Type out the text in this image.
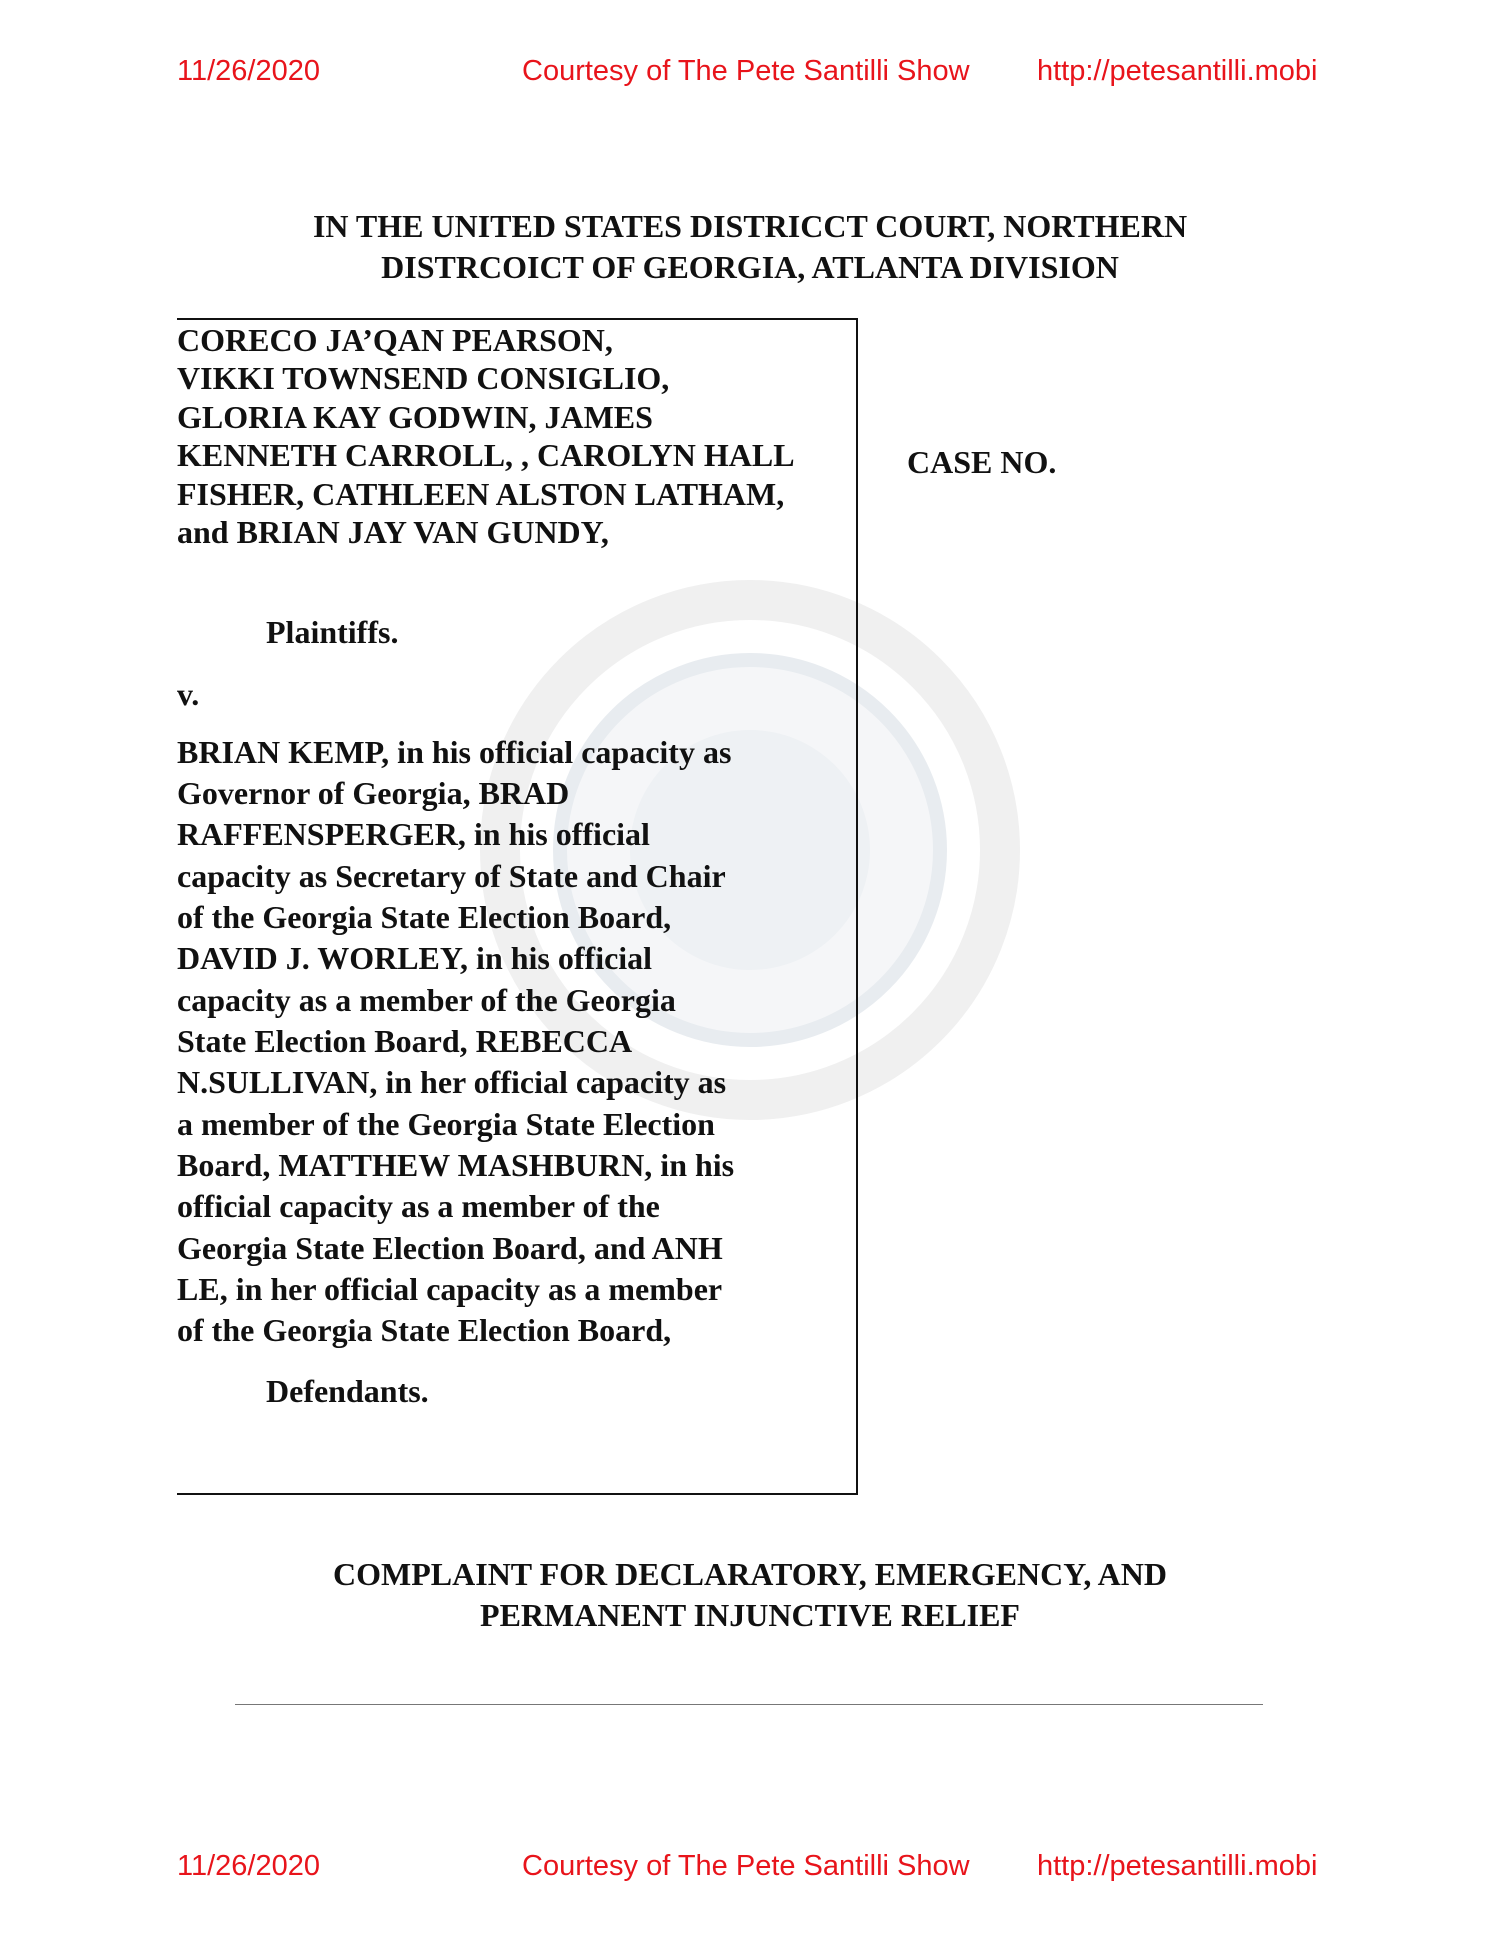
11/26/2020	Courtesy of The Pete Santilli Show http://petesantilli.mobi
IN THE UNITED STATES DISTRICCT COURT, NORTHERN
DISTRCOICT OF GEORGIA, ATLANTA DIVISION
CORECO JA’QAN PEARSON,
VIKKI TOWNSEND CONSIGLIO,
GLORIA KAY GODWIN, JAMES
KENNETH CARROLL, , CAROLYN HALL
FISHER, CATHLEEN ALSTON LATHAM,
and BRIAN JAY VAN GUNDY,
Plaintiffs.
v.
BRIAN KEMP, in his official capacity as
Governor of Georgia, BRAD
RAFFENSPERGER, in his official
capacity as Secretary of State and Chair
of the Georgia State Election Board,
DAVID J. WORLEY, in his official
capacity as a member of the Georgia
State Election Board, REBECCA
N.SULLIVAN, in her official capacity as
a member of the Georgia State Election
Board, MATTHEW MASHBURN, in his
official capacity as a member of the
Georgia State Election Board, and ANH
LE, in her official capacity as a member
of the Georgia State Election Board,
Defendants.
CASE NO.
COMPLAINT FOR DECLARATORY, EMERGENCY, AND
PERMANENT INJUNCTIVE RELIEF
11/26/2020	Courtesy of The Pete Santilli Show http://petesantilli.mobi
